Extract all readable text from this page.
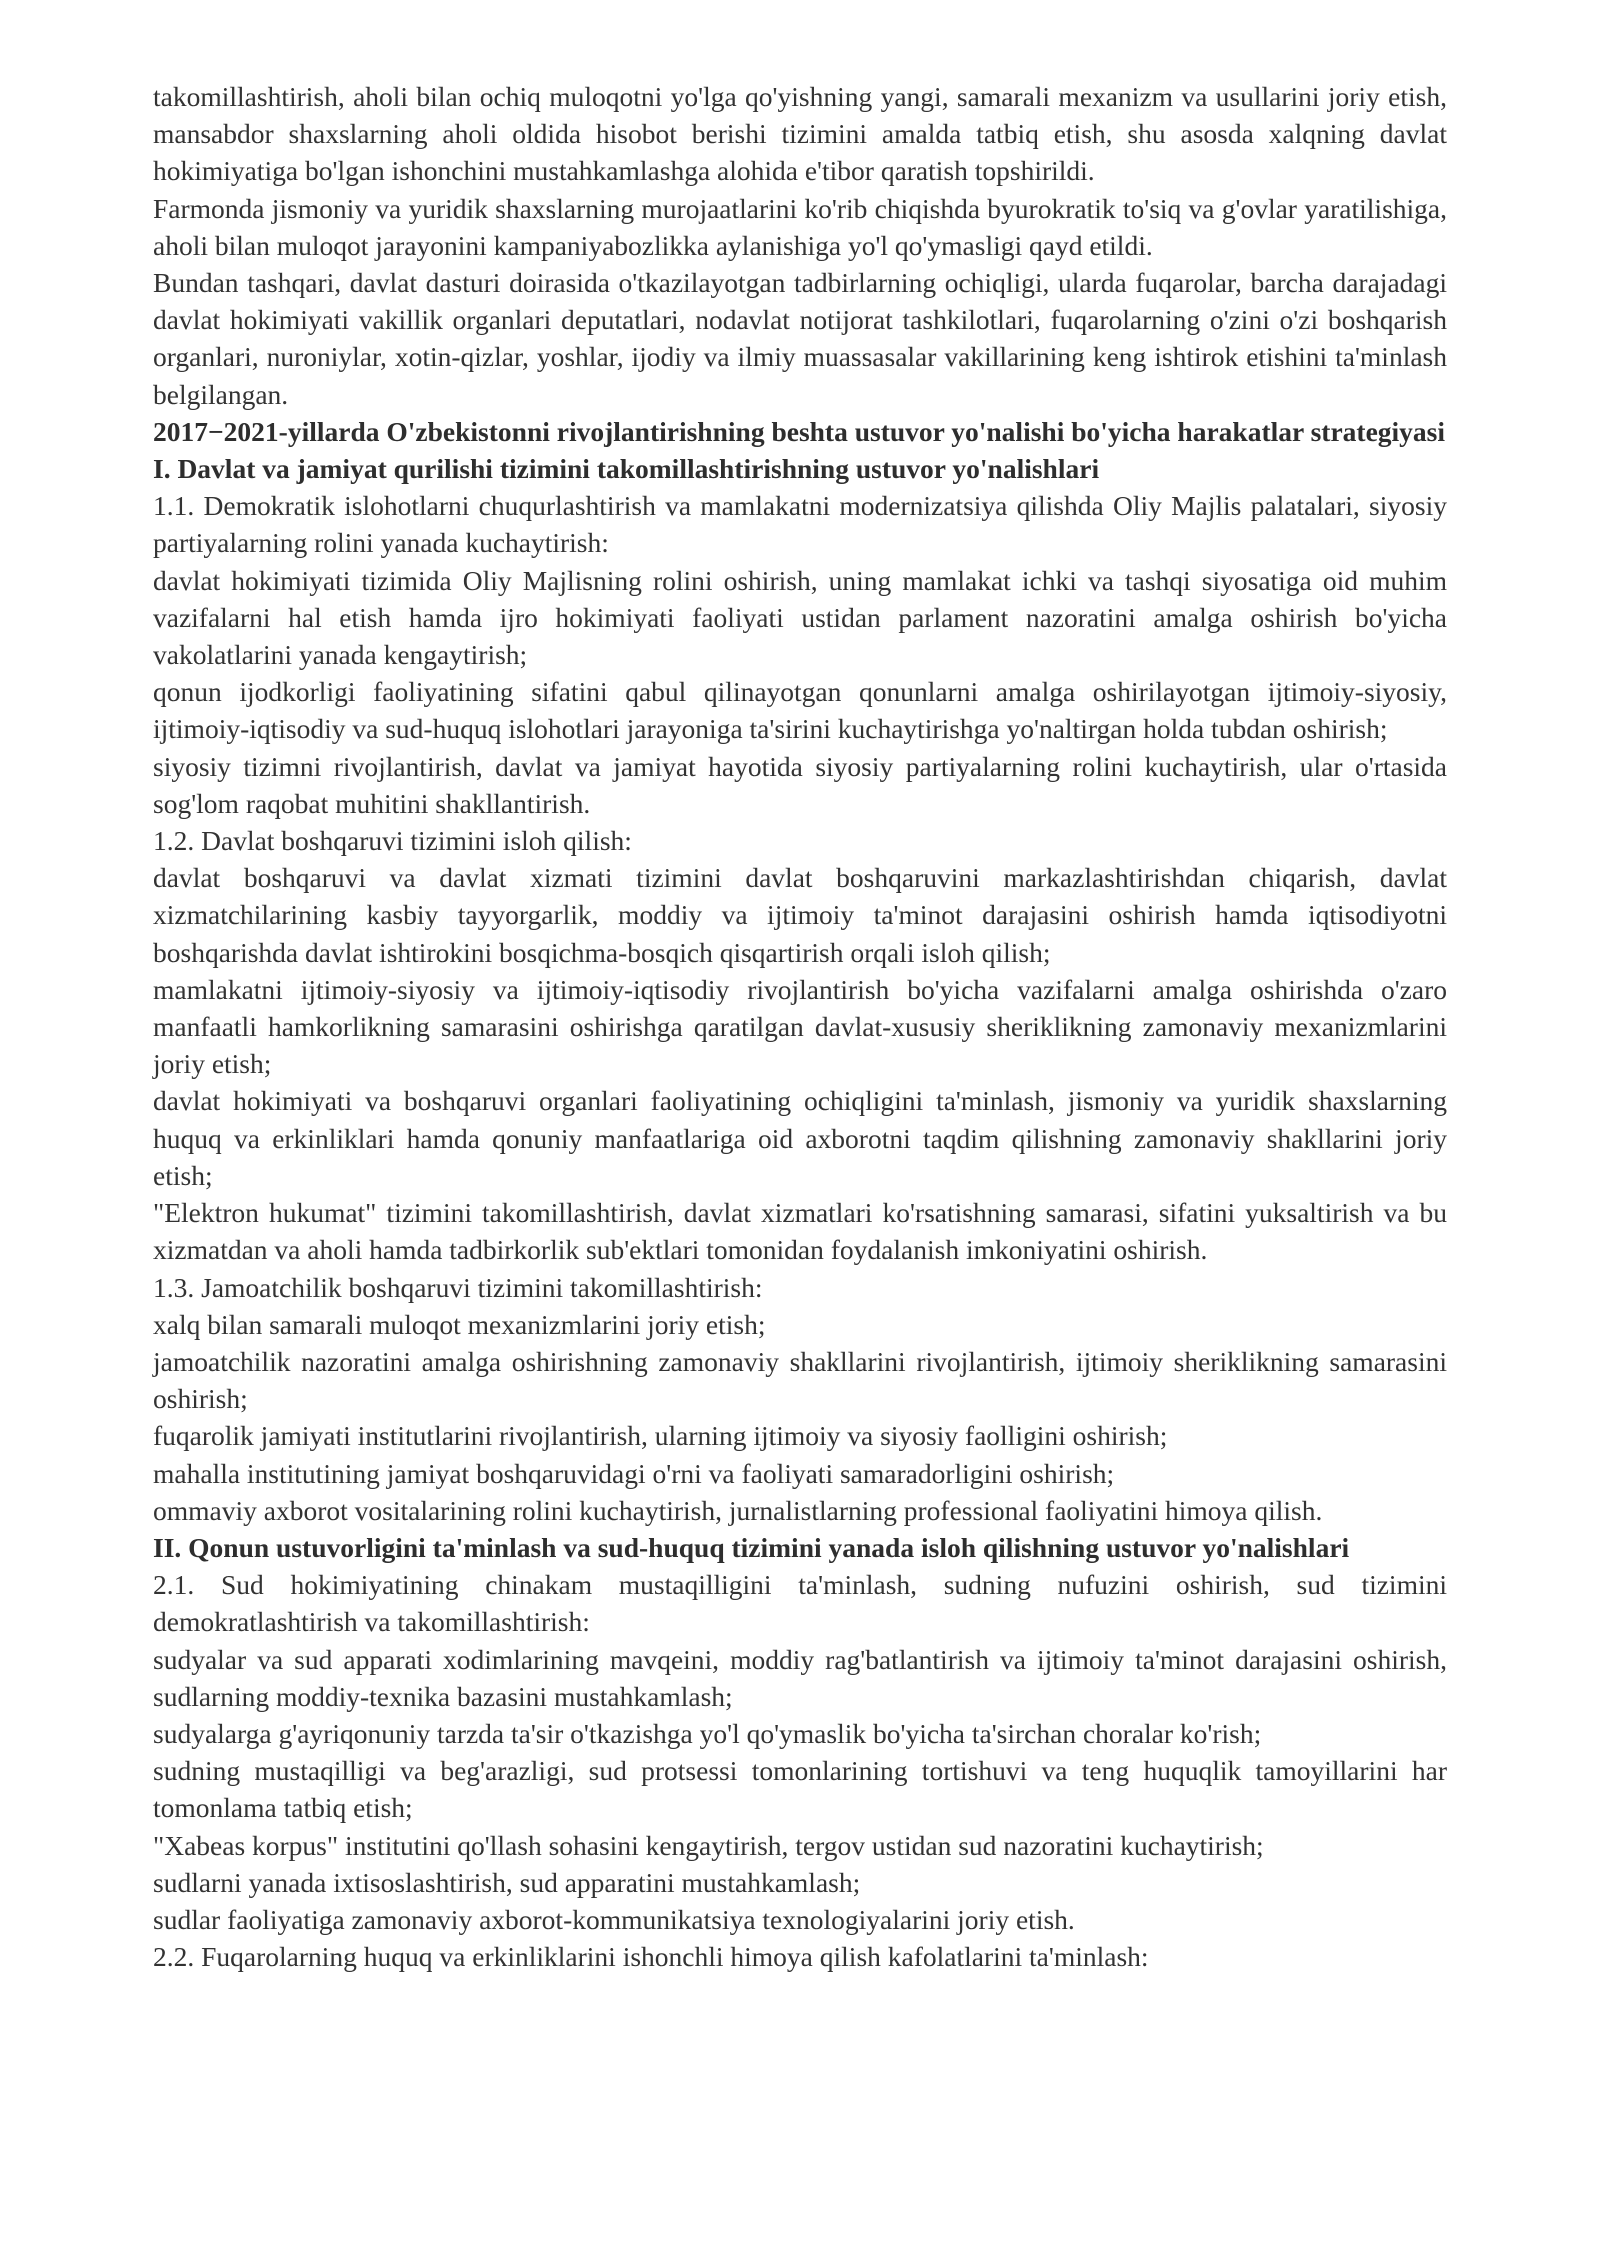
takomillashtirish, aholi bilan ochiq muloqotni yo'lga qo'yishning yangi, samarali mexanizm va usullarini joriy etish, mansabdor shaxslarning aholi oldida hisobot berishi tizimini amalda tatbiq etish, shu asosda xalqning davlat hokimiyatiga bo'lgan ishonchini mustahkamlashga alohida e'tibor qaratish topshirildi.

Farmonda jismoniy va yuridik shaxslarning murojaatlarini ko'rib chiqishda byurokratik to'siq va g'ovlar yaratilishiga, aholi bilan muloqot jarayonini kampaniyabozlikka aylanishiga yo'l qo'ymasligi qayd etildi.

Bundan tashqari, davlat dasturi doirasida o'tkazilayotgan tadbirlarning ochiqligi, ularda fuqarolar, barcha darajadagi davlat hokimiyati vakillik organlari deputatlari, nodavlat notijorat tashkilotlari, fuqarolarning o'zini o'zi boshqarish organlari, nuroniylar, xotin-qizlar, yoshlar, ijodiy va ilmiy muassasalar vakillarining keng ishtirok etishini ta'minlash belgilangan.

2017−2021-yillarda O'zbekistonni rivojlantirishning beshta ustuvor yo'nalishi bo'yicha harakatlar strategiyasi

I. Davlat va jamiyat qurilishi tizimini takomillashtirishning ustuvor yo'nalishlari

1.1. Demokratik islohotlarni chuqurlashtirish va mamlakatni modernizatsiya qilishda Oliy Majlis palatalari, siyosiy partiyalarning rolini yanada kuchaytirish:

davlat hokimiyati tizimida Oliy Majlisning rolini oshirish, uning mamlakat ichki va tashqi siyosatiga oid muhim vazifalarni hal etish hamda ijro hokimiyati faoliyati ustidan parlament nazoratini amalga oshirish bo'yicha vakolatlarini yanada kengaytirish;

qonun ijodkorligi faoliyatining sifatini qabul qilinayotgan qonunlarni amalga oshirilayotgan ijtimoiy-siyosiy, ijtimoiy-iqtisodiy va sud-huquq islohotlari jarayoniga ta'sirini kuchaytirishga yo'naltirgan holda tubdan oshirish;

siyosiy tizimni rivojlantirish, davlat va jamiyat hayotida siyosiy partiyalarning rolini kuchaytirish, ular o'rtasida sog'lom raqobat muhitini shakllantirish.

1.2. Davlat boshqaruvi tizimini isloh qilish:

davlat boshqaruvi va davlat xizmati tizimini davlat boshqaruvini markazlashtirishdan chiqarish, davlat xizmatchilarining kasbiy tayyorgarlik, moddiy va ijtimoiy ta'minot darajasini oshirish hamda iqtisodiyotni boshqarishda davlat ishtirokini bosqichma-bosqich qisqartirish orqali isloh qilish;

mamlakatni ijtimoiy-siyosiy va ijtimoiy-iqtisodiy rivojlantirish bo'yicha vazifalarni amalga oshirishda o'zaro manfaatli hamkorlikning samarasini oshirishga qaratilgan davlat-xususiy sheriklikning zamonaviy mexanizmlarini joriy etish;

davlat hokimiyati va boshqaruvi organlari faoliyatining ochiqligini ta'minlash, jismoniy va yuridik shaxslarning huquq va erkinliklari hamda qonuniy manfaatlariga oid axborotni taqdim qilishning zamonaviy shakllarini joriy etish;

"Elektron hukumat" tizimini takomillashtirish, davlat xizmatlari ko'rsatishning samarasi, sifatini yuksaltirish va bu xizmatdan va aholi hamda tadbirkorlik sub'ektlari tomonidan foydalanish imkoniyatini oshirish.

1.3. Jamoatchilik boshqaruvi tizimini takomillashtirish:

xalq bilan samarali muloqot mexanizmlarini joriy etish;

jamoatchilik nazoratini amalga oshirishning zamonaviy shakllarini rivojlantirish, ijtimoiy sheriklikning samarasini oshirish;

fuqarolik jamiyati institutlarini rivojlantirish, ularning ijtimoiy va siyosiy faolligini oshirish;

mahalla institutining jamiyat boshqaruvidagi o'rni va faoliyati samaradorligini oshirish;

ommaviy axborot vositalarining rolini kuchaytirish, jurnalistlarning professional faoliyatini himoya qilish.

II. Qonun ustuvorligini ta'minlash va sud-huquq tizimini yanada isloh qilishning ustuvor yo'nalishlari

2.1. Sud hokimiyatining chinakam mustaqilligini ta'minlash, sudning nufuzini oshirish, sud tizimini demokratlashtirish va takomillashtirish:

sudyalar va sud apparati xodimlarining mavqeini, moddiy rag'batlantirish va ijtimoiy ta'minot darajasini oshirish, sudlarning moddiy-texnika bazasini mustahkamlash;

sudyalarga g'ayriqonuniy tarzda ta'sir o'tkazishga yo'l qo'ymaslik bo'yicha ta'sirchan choralar ko'rish;

sudning mustaqilligi va beg'arazligi, sud protsessi tomonlarining tortishuvi va teng huquqlik tamoyillarini har tomonlama tatbiq etish;

"Xabeas korpus" institutini qo'llash sohasini kengaytirish, tergov ustidan sud nazoratini kuchaytirish;

sudlarni yanada ixtisoslashtirish, sud apparatini mustahkamlash;

sudlar faoliyatiga zamonaviy axborot-kommunikatsiya texnologiyalarini joriy etish.

2.2. Fuqarolarning huquq va erkinliklarini ishonchli himoya qilish kafolatlarini ta'minlash:
